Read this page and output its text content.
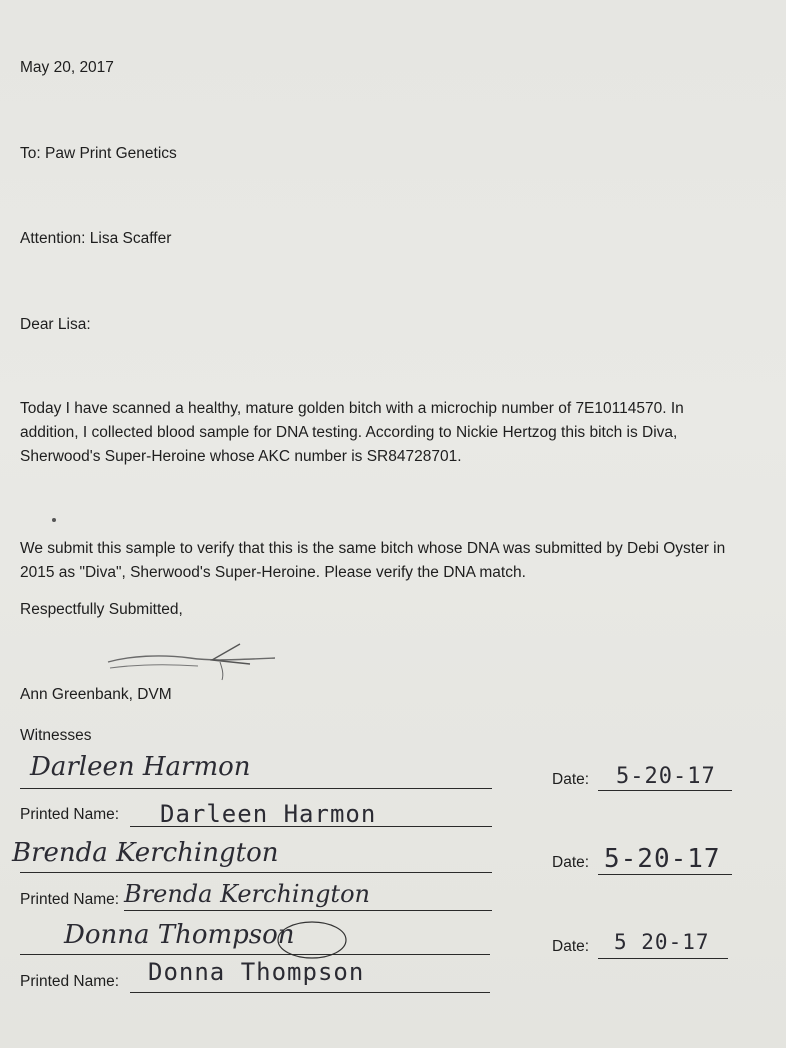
May 20, 2017
To: Paw Print Genetics
Attention: Lisa Scaffer
Dear Lisa:
Today I have scanned a healthy, mature golden bitch with a microchip number of 7E10114570. In
addition, I collected blood sample for DNA testing. According to Nickie Hertzog this bitch is Diva,
Sherwood's Super-Heroine whose AKC number is SR84728701.
We submit this sample to verify that this is the same bitch whose DNA was submitted by Debi Oyster in
2015 as "Diva", Sherwood's Super-Heroine. Please verify the DNA match.
Respectfully Submitted,
Ann Greenbank, DVM
Witnesses
Darleen Harmon	Date: 5-20-17
Printed Name: Darleen Harmon
Brenda Kerchington	Date: 5-20-17
Printed Name: Brenda Kerchington
Donna Thompson	Date: 5 20-17
Printed Name: Donna Thompson
